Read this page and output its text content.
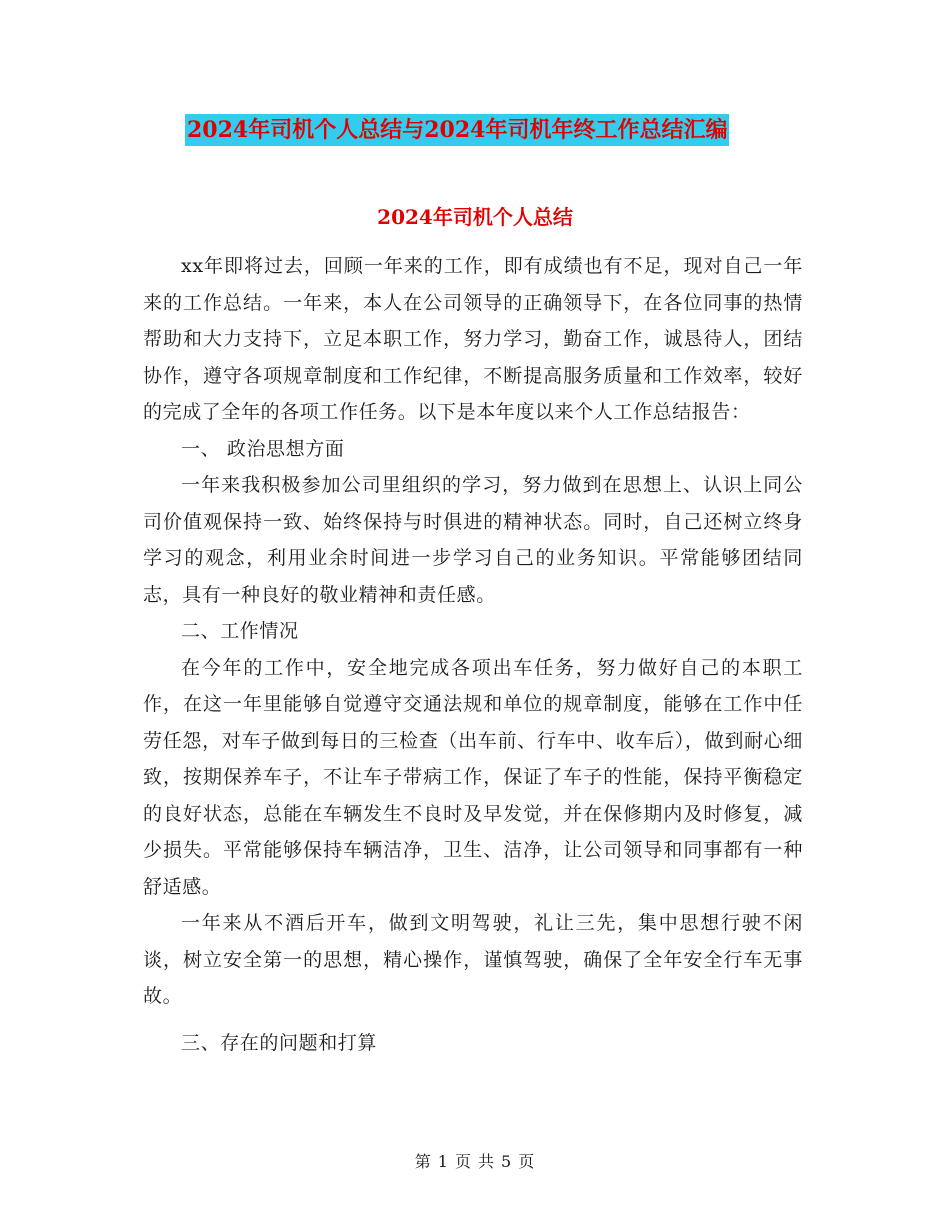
2024年司机个人总结与2024年司机年终工作总结汇编
2024年司机个人总结

xx年即将过去，回顾一年来的工作，即有成绩也有不足，现对自己一年来的工作总结。一年来，本人在公司领导的正确领导下，在各位同事的热情帮助和大力支持下，立足本职工作，努力学习，勤奋工作，诚恳待人，团结协作，遵守各项规章制度和工作纪律，不断提高服务质量和工作效率，较好的完成了全年的各项工作任务。以下是本年度以来个人工作总结报告：

一、 政治思想方面

一年来我积极参加公司里组织的学习，努力做到在思想上、认识上同公司价值观保持一致、始终保持与时俱进的精神状态。同时，自己还树立终身学习的观念，利用业余时间进一步学习自己的业务知识。平常能够团结同志，具有一种良好的敬业精神和责任感。

二、工作情况

在今年的工作中，安全地完成各项出车任务，努力做好自己的本职工作，在这一年里能够自觉遵守交通法规和单位的规章制度，能够在工作中任劳任怨，对车子做到每日的三检查（出车前、行车中、收车后），做到耐心细致，按期保养车子，不让车子带病工作，保证了车子的性能，保持平衡稳定的良好状态，总能在车辆发生不良时及早发觉，并在保修期内及时修复，减少损失。平常能够保持车辆洁净，卫生、洁净，让公司领导和同事都有一种舒适感。

一年来从不酒后开车，做到文明驾驶，礼让三先，集中思想行驶不闲谈，树立安全第一的思想，精心操作，谨慎驾驶，确保了全年安全行车无事故。

三、存在的问题和打算

第 1 页 共 5 页
